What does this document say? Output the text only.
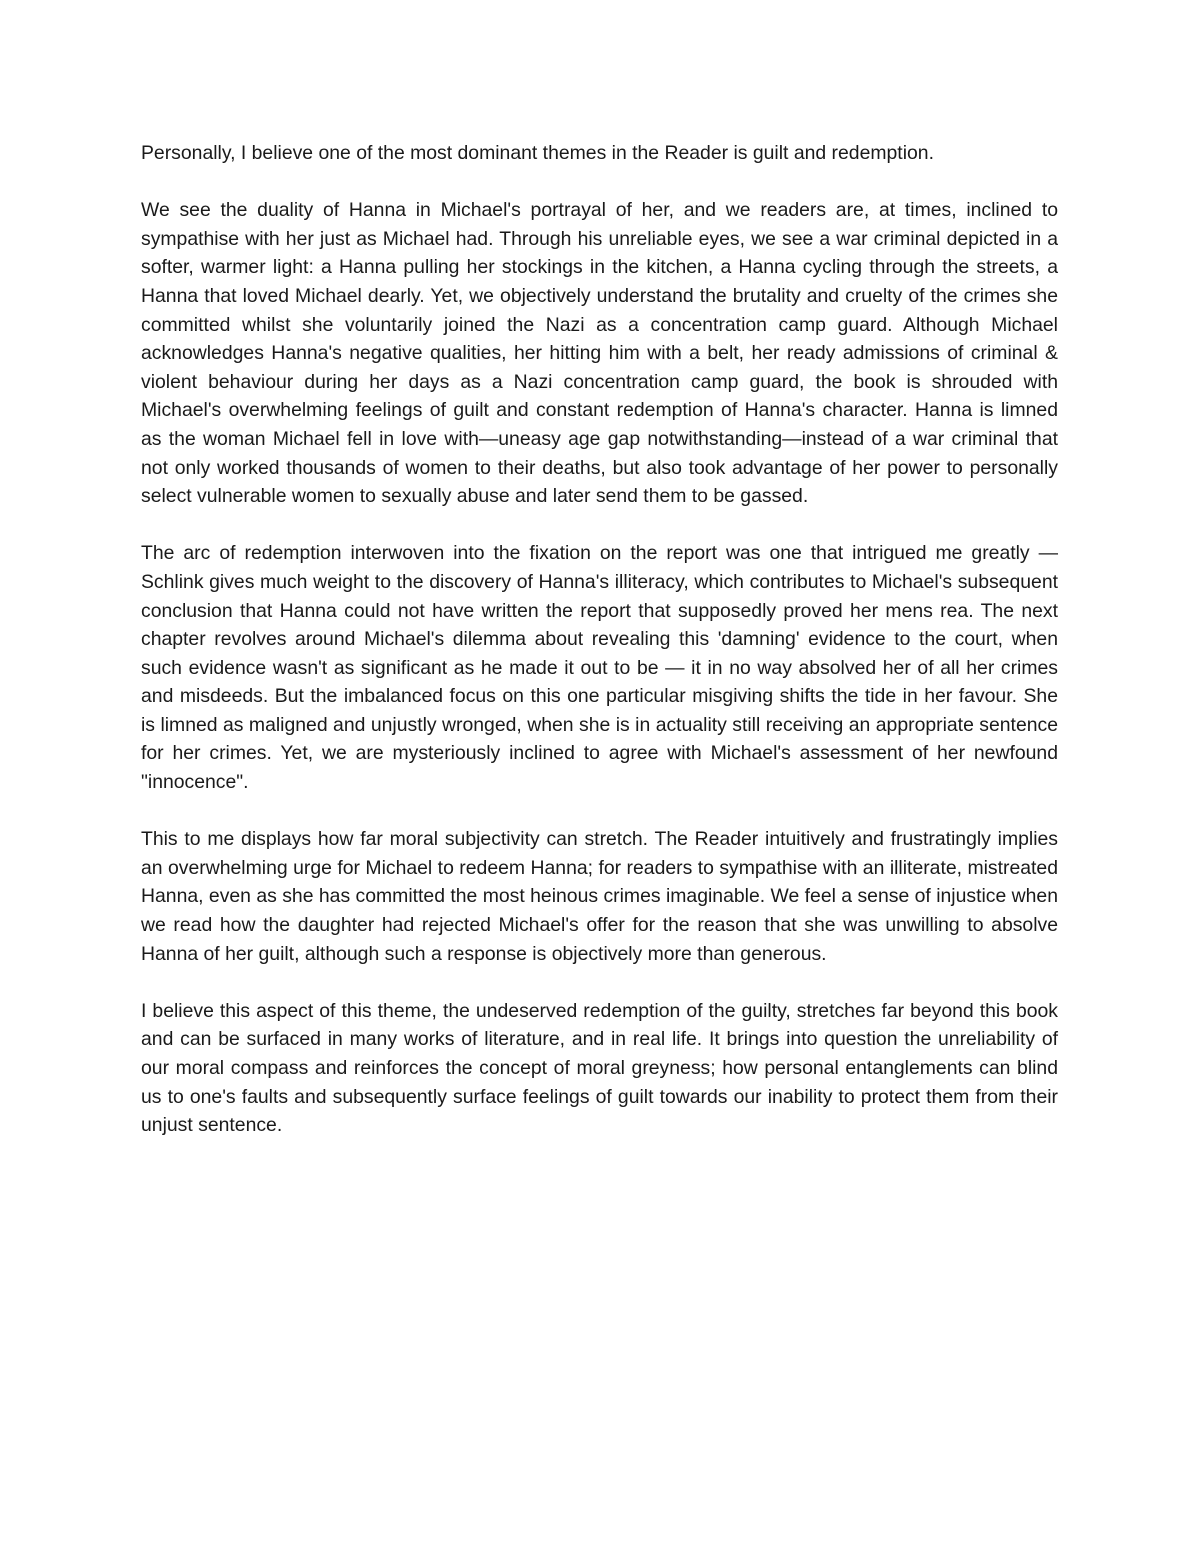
Personally, I believe one of the most dominant themes in the Reader is guilt and redemption.

We see the duality of Hanna in Michael's portrayal of her, and we readers are, at times, inclined to sympathise with her just as Michael had. Through his unreliable eyes, we see a war criminal depicted in a softer, warmer light: a Hanna pulling her stockings in the kitchen, a Hanna cycling through the streets, a Hanna that loved Michael dearly. Yet, we objectively understand the brutality and cruelty of the crimes she committed whilst she voluntarily joined the Nazi as a concentration camp guard. Although Michael acknowledges Hanna's negative qualities, her hitting him with a belt, her ready admissions of criminal & violent behaviour during her days as a Nazi concentration camp guard, the book is shrouded with Michael's overwhelming feelings of guilt and constant redemption of Hanna's character. Hanna is limned as the woman Michael fell in love with—uneasy age gap notwithstanding—instead of a war criminal that not only worked thousands of women to their deaths, but also took advantage of her power to personally select vulnerable women to sexually abuse and later send them to be gassed.

The arc of redemption interwoven into the fixation on the report was one that intrigued me greatly — Schlink gives much weight to the discovery of Hanna's illiteracy, which contributes to Michael's subsequent conclusion that Hanna could not have written the report that supposedly proved her mens rea. The next chapter revolves around Michael's dilemma about revealing this 'damning' evidence to the court, when such evidence wasn't as significant as he made it out to be — it in no way absolved her of all her crimes and misdeeds. But the imbalanced focus on this one particular misgiving shifts the tide in her favour. She is limned as maligned and unjustly wronged, when she is in actuality still receiving an appropriate sentence for her crimes. Yet, we are mysteriously inclined to agree with Michael's assessment of her newfound "innocence".

This to me displays how far moral subjectivity can stretch. The Reader intuitively and frustratingly implies an overwhelming urge for Michael to redeem Hanna; for readers to sympathise with an illiterate, mistreated Hanna, even as she has committed the most heinous crimes imaginable. We feel a sense of injustice when we read how the daughter had rejected Michael's offer for the reason that she was unwilling to absolve Hanna of her guilt, although such a response is objectively more than generous.

I believe this aspect of this theme, the undeserved redemption of the guilty, stretches far beyond this book and can be surfaced in many works of literature, and in real life. It brings into question the unreliability of our moral compass and reinforces the concept of moral greyness; how personal entanglements can blind us to one's faults and subsequently surface feelings of guilt towards our inability to protect them from their unjust sentence.
